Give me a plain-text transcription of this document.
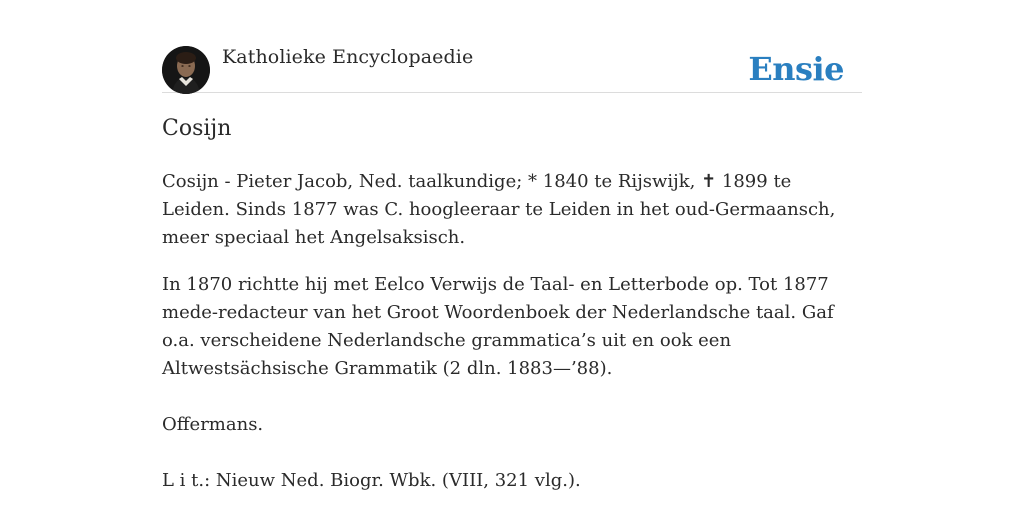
Katholieke Encyclopaedie	Ensie
Cosijn

Cosijn - Pieter Jacob, Ned. taalkundige; * 1840 te Rijswijk, ✝ 1899 te Leiden. Sinds 1877 was C. hoogleeraar te Leiden in het oud-Germaansch, meer speciaal het Angelsaksisch.

In 1870 richtte hij met Eelco Verwijs de Taal- en Letterbode op. Tot 1877 mede-redacteur van het Groot Woordenboek der Nederlandsche taal. Gaf o.a. verscheidene Nederlandsche grammatica’s uit en ook een Altwestsächsische Grammatik (2 dln. 1883—’88).

Offermans.

L i t.: Nieuw Ned. Biogr. Wbk. (VIII, 321 vlg.).
